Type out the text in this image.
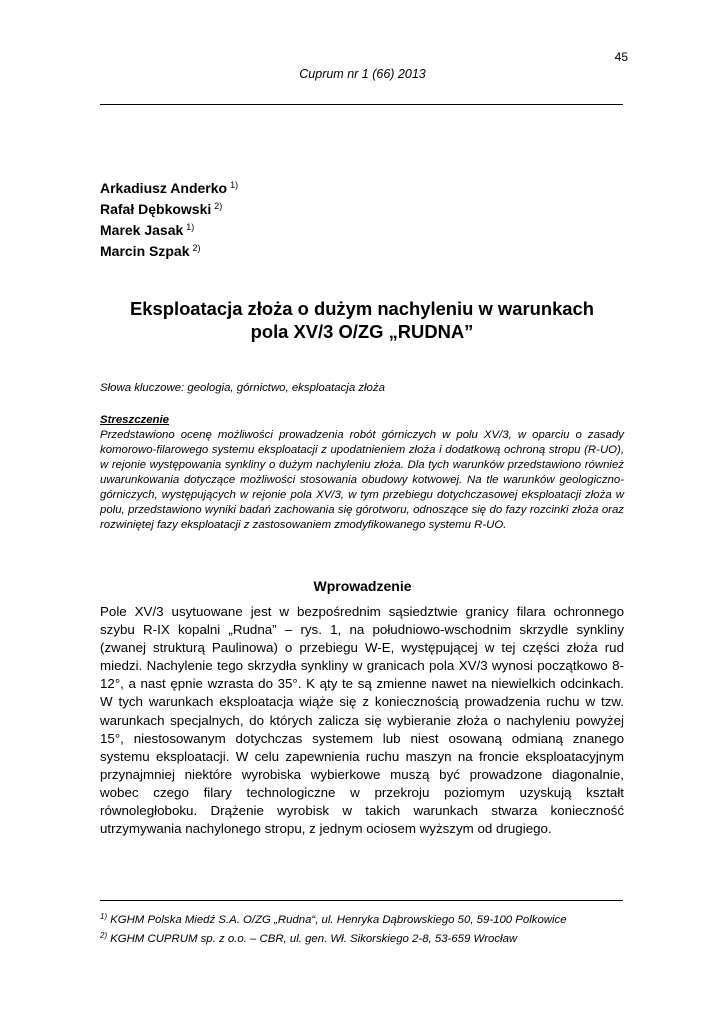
45
Cuprum nr 1 (66) 2013
Arkadiusz Anderko $^{1)}$
Rafał Dębkowski $^{2)}$
Marek Jasak $^{1)}$
Marcin Szpak $^{2)}$
Eksploatacja złoża o dużym nachyleniu w warunkach
pola XV/3 O/ZG „RUDNA”
Słowa kluczowe: geologia, górnictwo, eksploatacja złoża
Streszczenie
Przedstawiono ocenę możliwości prowadzenia robót górniczych w polu XV/3, w oparciu o zasady komorowo-filarowego systemu eksploatacji z upodatnieniem złoża i dodatkową ochroną stropu (R-UO), w rejonie występowania synkliny o dużym nachyleniu złoża. Dla tych warunków przedstawiono również uwarunkowania dotyczące możliwości stosowania obudowy kotwowej. Na tle warunków geologiczno-górniczych, występujących w rejonie pola XV/3, w tym przebiegu dotychczasowej eksploatacji złoża w polu, przedstawiono wyniki badań zachowania się górotworu, odnoszące się do fazy rozcinki złoża oraz rozwiniętej fazy eksploatacji z zastosowaniem zmodyfikowanego systemu R-UO.
Wprowadzenie
Pole XV/3 usytuowane jest w bezpośrednim sąsiedztwie granicy filara ochronnego szybu R-IX kopalni „Rudna” – rys. 1, na południowo-wschodnim skrzydle synkliny (zwanej strukturą Paulinowa) o przebiegu W-E, występującej w tej części złoża rud miedzi. Nachylenie tego skrzydła synkliny w granicach pola XV/3 wynosi początkowo 8-12°, a nast ępnie wzrasta do 35°. K ąty te są zmienne nawet na niewielkich odcinkach. W tych warunkach eksploatacja wiąże się z koniecznością prowadzenia ruchu w tzw. warunkach specjalnych, do których zalicza się wybieranie złoża o nachyleniu powyżej 15°, niestosowanym dotychczas systemem lub niest osowaną odmianą znanego systemu eksploatacji. W celu zapewnienia ruchu maszyn na froncie eksploatacyjnym przynajmniej niektóre wyrobiska wybierkowe muszą być prowadzone diagonalnie, wobec czego filary technologiczne w przekroju poziomym uzyskują kształt równoległoboku. Drążenie wyrobisk w takich warunkach stwarza konieczność utrzymywania nachylonego stropu, z jednym ociosem wyższym od drugiego.
$^{1)}$ KGHM Polska Miedź S.A. O/ZG „Rudna“, ul. Henryka Dąbrowskiego 50, 59-100 Polkowice
$^{2)}$ KGHM CUPRUM sp. z o.o. – CBR, ul. gen. Wł. Sikorskiego 2-8, 53-659 Wrocław
